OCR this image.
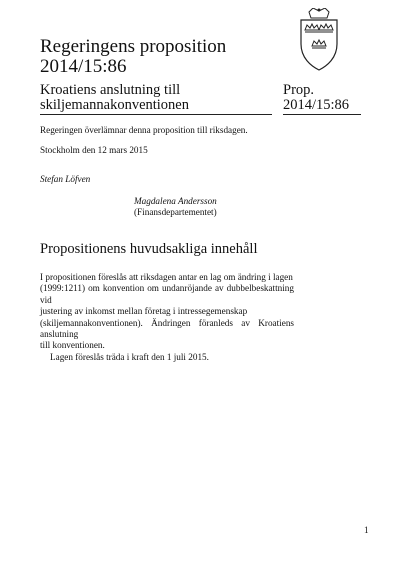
Regeringens proposition
2014/15:86
Kroatiens anslutning till
skiljemannakonventionen
Prop.
2014/15:86
Regeringen överlämnar denna proposition till riksdagen.
Stockholm den 12 mars 2015
Stefan Löfven
Magdalena Andersson
(Finansdepartementet)
Propositionens huvudsakliga innehåll
I propositionen föreslås att riksdagen antar en lag om ändring i lagen
(1999:1211) om konvention om undanröjande av dubbelbeskattning vid
justering av inkomst mellan företag i intressegemenskap
(skiljemannakonventionen). Ändringen föranleds av Kroatiens anslutning
till konventionen.
Lagen föreslås träda i kraft den 1 juli 2015.
1
